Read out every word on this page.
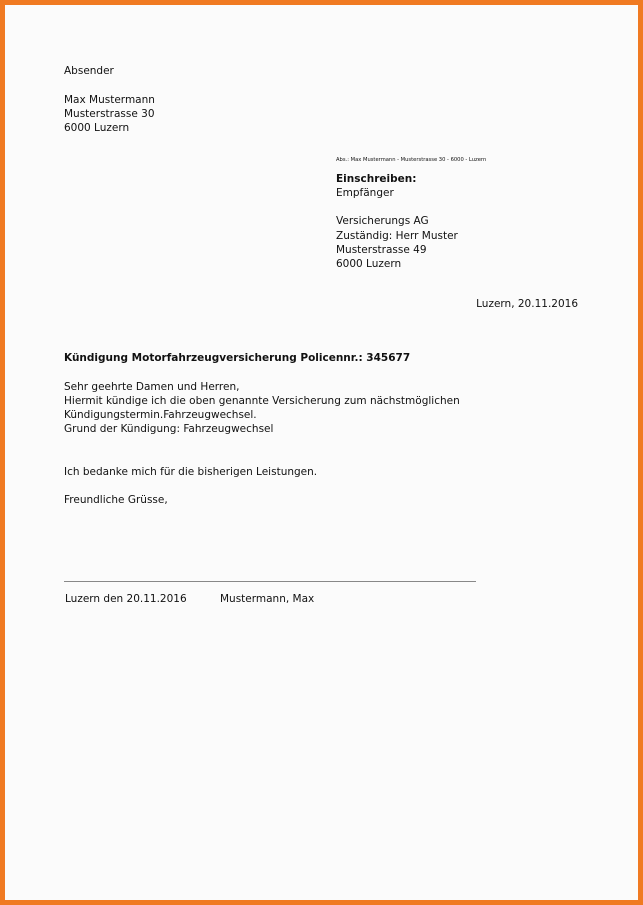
Absender
Max Mustermann
Musterstrasse 30
6000 Luzern
Abs.: Max Mustermann - Musterstrasse 30 - 6000 - Luzern
Einschreiben:
Empfänger
Versicherungs AG
Zuständig: Herr Muster
Musterstrasse 49
6000 Luzern
Luzern, 20.11.2016
Kündigung Motorfahrzeugversicherung Policennr.: 345677
Sehr geehrte Damen und Herren,
Hiermit kündige ich die oben genannte Versicherung zum nächstmöglichen
Kündigungstermin.Fahrzeugwechsel.
Grund der Kündigung: Fahrzeugwechsel
Ich bedanke mich für die bisherigen Leistungen.
Freundliche Grüsse,
Luzern den 20.11.2016	Mustermann, Max
